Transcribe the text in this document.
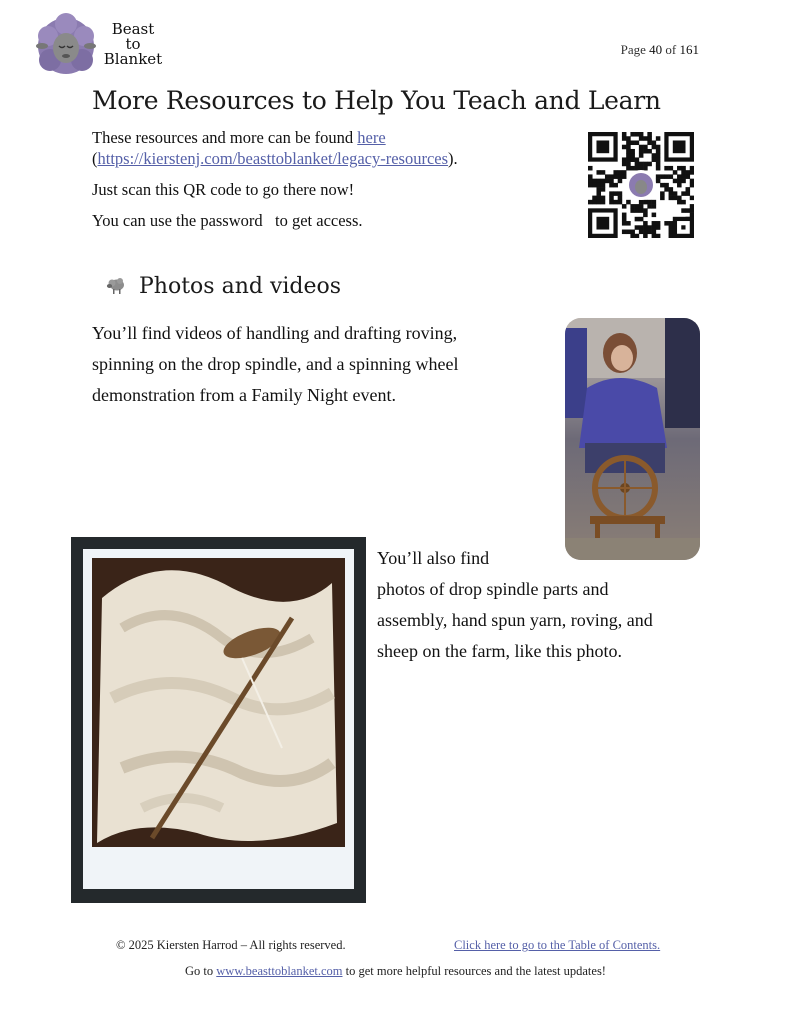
Beast
to
Blanket
Page 40 of 161
More Resources to Help You Teach and Learn
These resources and more can be found here
(https://kierstenj.com/beasttoblanket/legacy-resources).
Just scan this QR code to go there now!
You can use the password   to get access.
Photos and videos
You’ll find videos of handling and drafting roving,
spinning on the drop spindle, and a spinning wheel
demonstration from a Family Night event.
You’ll also find
photos of drop spindle parts and
assembly, hand spun yarn, roving, and
sheep on the farm, like this photo.
© 2025 Kiersten Harrod – All rights reserved.	Click here to go to the Table of Contents.
Go to www.beasttoblanket.com to get more helpful resources and the latest updates!
